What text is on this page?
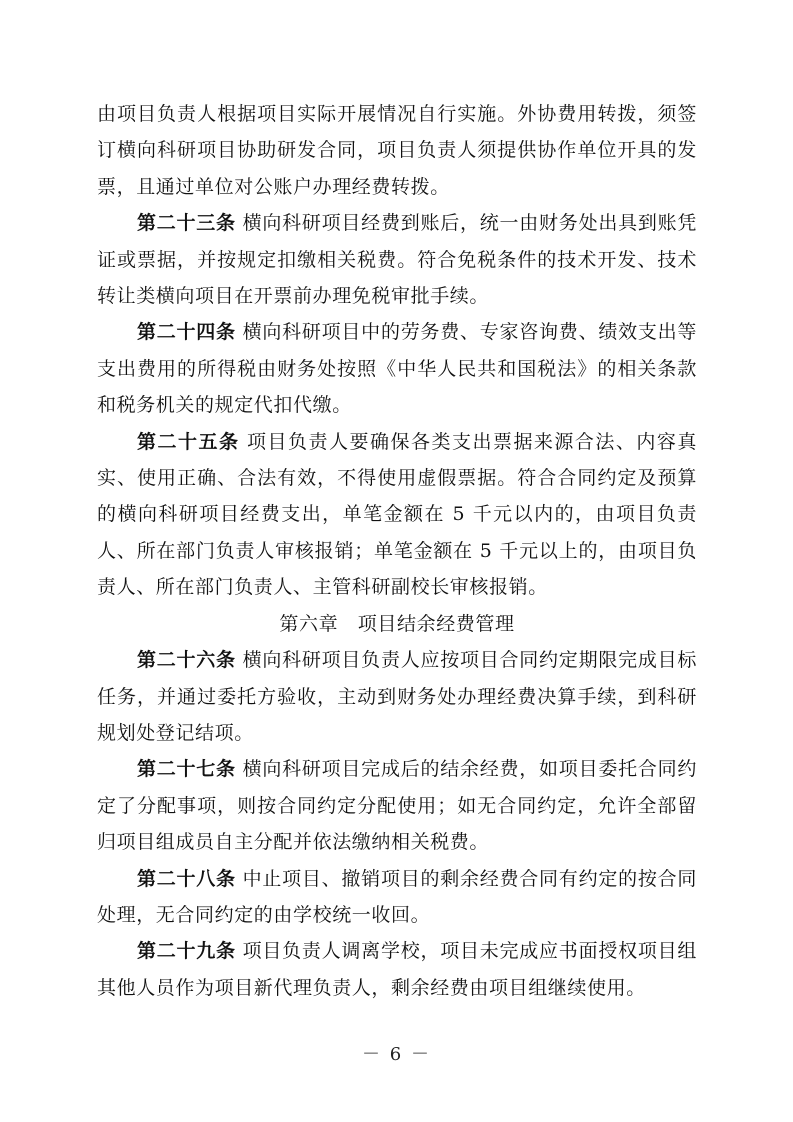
由项目负责人根据项目实际开展情况自行实施。外协费用转拨，须签订横向科研项目协助研发合同，项目负责人须提供协作单位开具的发票，且通过单位对公账户办理经费转拨。

第二十三条 横向科研项目经费到账后，统一由财务处出具到账凭证或票据，并按规定扣缴相关税费。符合免税条件的技术开发、技术转让类横向项目在开票前办理免税审批手续。

第二十四条 横向科研项目中的劳务费、专家咨询费、绩效支出等支出费用的所得税由财务处按照《中华人民共和国税法》的相关条款和税务机关的规定代扣代缴。

第二十五条 项目负责人要确保各类支出票据来源合法、内容真实、使用正确、合法有效，不得使用虚假票据。符合合同约定及预算的横向科研项目经费支出，单笔金额在 5 千元以内的，由项目负责人、所在部门负责人审核报销；单笔金额在 5 千元以上的，由项目负责人、所在部门负责人、主管科研副校长审核报销。

第六章　项目结余经费管理

第二十六条 横向科研项目负责人应按项目合同约定期限完成目标任务，并通过委托方验收，主动到财务处办理经费决算手续，到科研规划处登记结项。

第二十七条 横向科研项目完成后的结余经费，如项目委托合同约定了分配事项，则按合同约定分配使用；如无合同约定，允许全部留归项目组成员自主分配并依法缴纳相关税费。

第二十八条 中止项目、撤销项目的剩余经费合同有约定的按合同处理，无合同约定的由学校统一收回。

第二十九条 项目负责人调离学校，项目未完成应书面授权项目组其他人员作为项目新代理负责人，剩余经费由项目组继续使用。

－ 6 －
